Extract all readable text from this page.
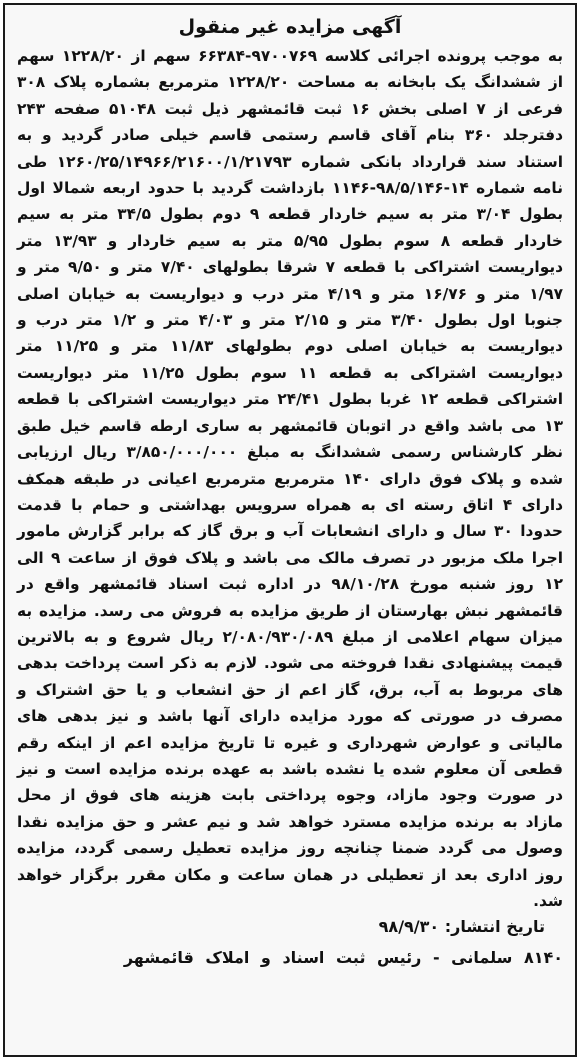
آگهی مزایده غیر منقول

به موجب پرونده اجرائی کلاسه ۹۷۰۰۷۶۹-۶۶۳۸۴ سهم از ۱۲۲۸/۲۰ سهم از ششدانگ یک بابخانه به مساحت ۱۲۲۸/۲۰ مترمربع بشماره پلاک ۳۰۸ فرعی از ۷ اصلی بخش ۱۶ ثبت قائمشهر ذیل ثبت ۵۱۰۴۸ صفحه ۲۴۳ دفترجلد ۳۶۰ بنام آقای قاسم رستمی قاسم خیلی صادر گردید و به استناد سند قرارداد بانکی شماره ۱۲۶۰/۲۵/۱۴۹۶۶/۲۱۶۰۰/۱/۲۱۷۹۳ طی نامه شماره ۱۴-۹۸/۵/۱۴۶-۱۱۴۶ بازداشت گردید با حدود اربعه شمالا اول بطول ۳/۰۴ متر به سیم خاردار قطعه ۹ دوم بطول ۳۴/۵ متر به سیم خاردار قطعه ۸ سوم بطول ۵/۹۵ متر به سیم خاردار و ۱۳/۹۳ متر دیواریست اشتراکی با قطعه ۷ شرقا بطولهای ۷/۴۰ متر و ۹/۵۰ متر و ۱/۹۷ متر و ۱۶/۷۶ متر و ۴/۱۹ متر درب و دیواریست به خیابان اصلی جنوبا اول بطول ۳/۴۰ متر و ۲/۱۵ متر و ۴/۰۳ متر و ۱/۲ متر درب و دیواریست به خیابان اصلی دوم بطولهای ۱۱/۸۳ متر و ۱۱/۲۵ متر دیواریست اشتراکی به قطعه ۱۱ سوم بطول ۱۱/۲۵ متر دیواریست اشتراکی قطعه ۱۲ غربا بطول ۲۴/۴۱ متر دیواریست اشتراکی با قطعه ۱۳ می باشد واقع در اتوبان قائمشهر به ساری ارطه قاسم خیل طبق نظر کارشناس رسمی ششدانگ به مبلغ ۳/۸۵۰/۰۰۰/۰۰۰ ریال ارزیابی شده و پلاک فوق دارای ۱۴۰ مترمربع مترمربع اعیانی در طبقه همکف دارای ۴ اتاق رسته ای به همراه سرویس بهداشتی و حمام با قدمت حدودا ۳۰ سال و دارای انشعابات آب و برق گاز که برابر گزارش مامور اجرا ملک مزبور در تصرف مالک می باشد و پلاک فوق از ساعت ۹ الی ۱۲ روز شنبه مورخ ۹۸/۱۰/۲۸ در اداره ثبت اسناد قائمشهر واقع در قائمشهر نبش بهارستان از طریق مزایده به فروش می رسد. مزایده به میزان سهام اعلامی از مبلغ ۲/۰۸۰/۹۳۰/۰۸۹ ریال شروع و به بالاترین قیمت پیشنهادی نقدا فروخته می شود. لازم به ذکر است پرداخت بدهی های مربوط به آب، برق، گاز اعم از حق انشعاب و یا حق اشتراک و مصرف در صورتی که مورد مزایده دارای آنها باشد و نیز بدهی های مالیاتی و عوارض شهرداری و غیره تا تاریخ مزایده اعم از اینکه رقم قطعی آن معلوم شده یا نشده باشد به عهده برنده مزایده است و نیز در صورت وجود مازاد، وجوه پرداختی بابت هزینه های فوق از محل مازاد به برنده مزایده مسترد خواهد شد و نیم عشر و حق مزایده نقدا وصول می گردد ضمنا چنانچه روز مزایده تعطیل رسمی گردد، مزایده روز اداری بعد از تعطیلی در همان ساعت و مکان مقرر برگزار خواهد شد.

تاریخ انتشار: ۹۸/۹/۳۰

۸۱۴۰ سلمانی - رئیس ثبت اسناد و املاک قائمشهر
